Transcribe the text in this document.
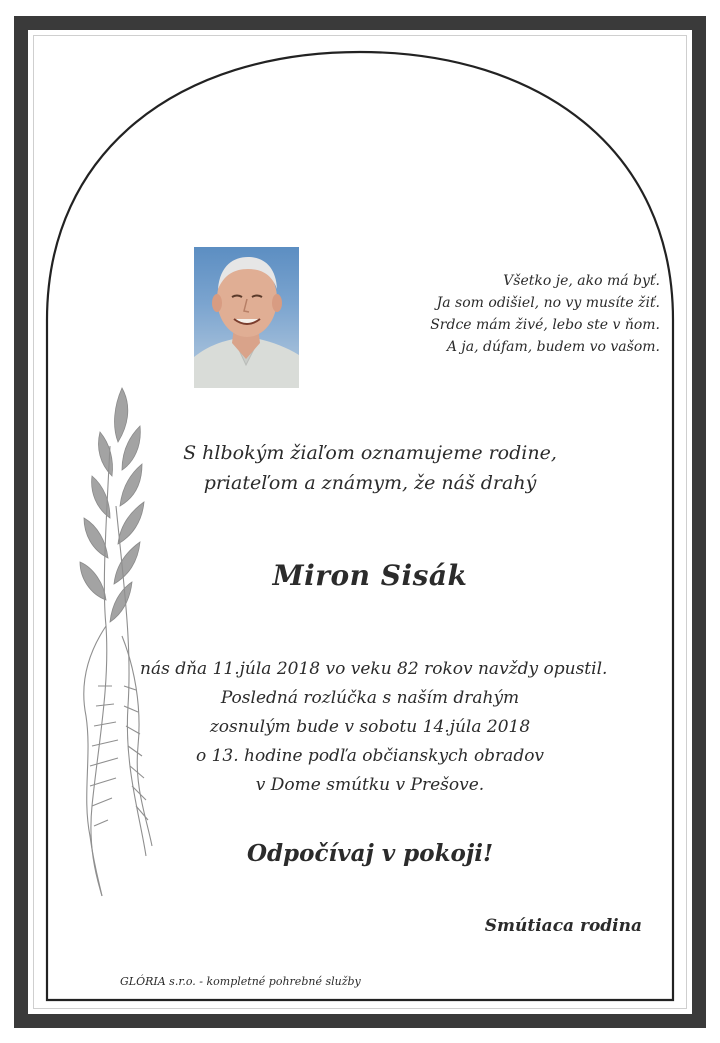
Všetko je, ako má byť.
Ja som odišiel, no vy musíte žiť.
Srdce mám živé, lebo ste v ňom.
A ja, dúfam, budem vo vašom.
S hlbokým žiaľom oznamujeme rodine,
priateľom a známym, že náš drahý
Miron Sisák
nás dňa 11.júla 2018 vo veku 82 rokov navždy opustil.
Posledná rozlúčka s naším drahým
zosnulým bude v sobotu 14.júla 2018
o 13. hodine podľa občianskych obradov
v Dome smútku v Prešove.
Odpočívaj v pokoji!
Smútiaca rodina
GLÓRIA s.r.o. - kompletné pohrebné služby
